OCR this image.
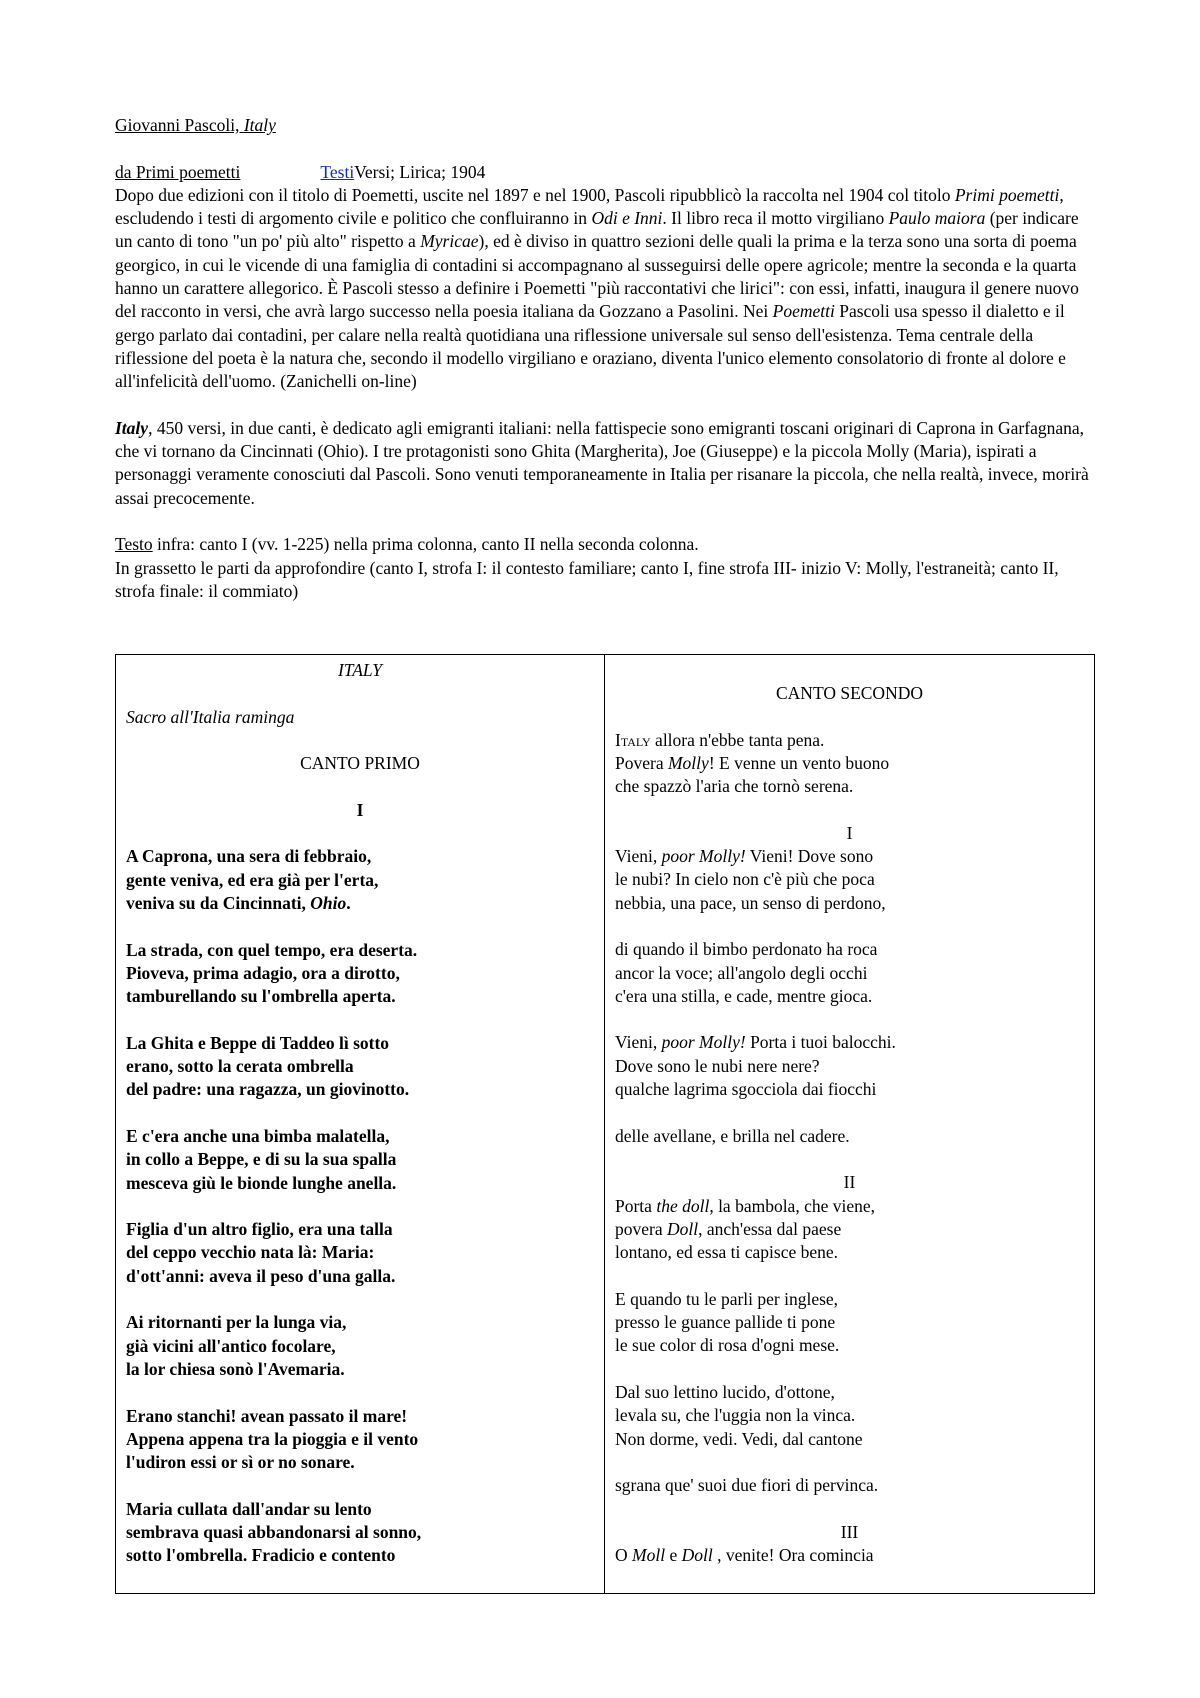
Giovanni Pascoli, Italy

da Primi poemetti	TestiVersi; Lirica; 1904

Dopo due edizioni con il titolo di Poemetti, uscite nel 1897 e nel 1900, Pascoli ripubblicò la raccolta nel 1904 col titolo Primi poemetti, escludendo i testi di argomento civile e politico che confluiranno in Odi e Inni. Il libro reca il motto virgiliano Paulo maiora (per indicare un canto di tono "un po' più alto" rispetto a Myricae), ed è diviso in quattro sezioni delle quali la prima e la terza sono una sorta di poema georgico, in cui le vicende di una famiglia di contadini si accompagnano al susseguirsi delle opere agricole; mentre la seconda e la quarta hanno un carattere allegorico. È Pascoli stesso a definire i Poemetti "più raccontativi che lirici": con essi, infatti, inaugura il genere nuovo del racconto in versi, che avrà largo successo nella poesia italiana da Gozzano a Pasolini. Nei Poemetti Pascoli usa spesso il dialetto e il gergo parlato dai contadini, per calare nella realtà quotidiana una riflessione universale sul senso dell'esistenza. Tema centrale della riflessione del poeta è la natura che, secondo il modello virgiliano e oraziano, diventa l'unico elemento consolatorio di fronte al dolore e all'infelicità dell'uomo. (Zanichelli on-line)

Italy, 450 versi, in due canti, è dedicato agli emigranti italiani: nella fattispecie sono emigranti toscani originari di Caprona in Garfagnana, che vi tornano da Cincinnati (Ohio). I tre protagonisti sono Ghita (Margherita), Joe (Giuseppe) e la piccola Molly (Maria), ispirati a personaggi veramente conosciuti dal Pascoli. Sono venuti temporaneamente in Italia per risanare la piccola, che nella realtà, invece, morirà assai precocemente.

Testo infra: canto I (vv. 1-225) nella prima colonna, canto II nella seconda colonna.

In grassetto le parti da approfondire (canto I, strofa I: il contesto familiare; canto I, fine strofa III- inizio V: Molly, l'estraneità; canto II, strofa finale: il commiato)

ITALY

Sacro all'Italia raminga

CANTO PRIMO

I

A Caprona, una sera di febbraio,

gente veniva, ed era già per l'erta,

veniva su da Cincinnati, Ohio.

La strada, con quel tempo, era deserta.

Pioveva, prima adagio, ora a dirotto,

tamburellando su l'ombrella aperta.

La Ghita e Beppe di Taddeo lì sotto

erano, sotto la cerata ombrella

del padre: una ragazza, un giovinotto.

E c'era anche una bimba malatella,

in collo a Beppe, e di su la sua spalla

mesceva giù le bionde lunghe anella.

Figlia d'un altro figlio, era una talla

del ceppo vecchio nata là: Maria:

d'ott'anni: aveva il peso d'una galla.

Ai ritornanti per la lunga via,

già vicini all'antico focolare,

la lor chiesa sonò l'Avemaria.

Erano stanchi! avean passato il mare!

Appena appena tra la pioggia e il vento

l'udiron essi or sì or no sonare.

Maria cullata dall'andar su lento

sembrava quasi abbandonarsi al sonno,

sotto l'ombrella. Fradicio e contento

CANTO SECONDO

Italy allora n'ebbe tanta pena.

Povera Molly! E venne un vento buono

che spazzò l'aria che tornò serena.

I

Vieni, poor Molly! Vieni! Dove sono

le nubi? In cielo non c'è più che poca

nebbia, una pace, un senso di perdono,

di quando il bimbo perdonato ha roca

ancor la voce; all'angolo degli occhi

c'era una stilla, e cade, mentre gioca.

Vieni, poor Molly! Porta i tuoi balocchi.

Dove sono le nubi nere nere?

qualche lagrima sgocciola dai fiocchi

delle avellane, e brilla nel cadere.

II

Porta the doll, la bambola, che viene,

povera Doll, anch'essa dal paese

lontano, ed essa ti capisce bene.

E quando tu le parli per inglese,

presso le guance pallide ti pone

le sue color di rosa d'ogni mese.

Dal suo lettino lucido, d'ottone,

levala su, che l'uggia non la vinca.

Non dorme, vedi. Vedi, dal cantone

sgrana que' suoi due fiori di pervinca.

III

O Moll e Doll , venite! Ora comincia
